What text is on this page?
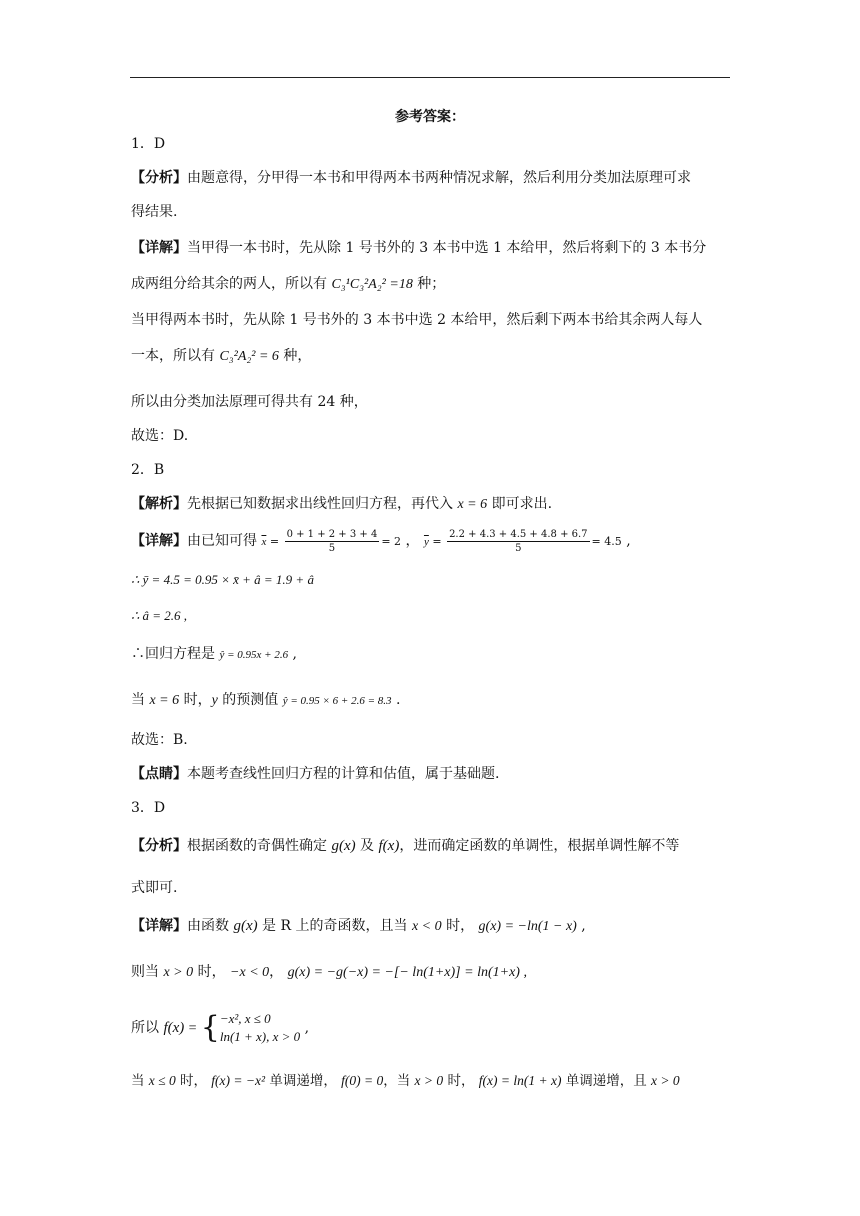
参考答案：
1．D
【分析】由题意得，分甲得一本书和甲得两本书两种情况求解，然后利用分类加法原理可求
得结果.
【详解】当甲得一本书时，先从除 1 号书外的 3 本书中选 1 本给甲，然后将剩下的 3 本书分
成两组分给其余的两人，所以有 C₃¹C₃²A₂² =18 种；
当甲得两本书时，先从除 1 号书外的 3 本书中选 2 本给甲，然后剩下两本书给其余两人每人
一本，所以有 C₃²A₂² = 6 种，
所以由分类加法原理可得共有 24 种，
故选：D.
2．B
【解析】先根据已知数据求出线性回归方程，再代入 x = 6 即可求出.
【详解】由已知可得 $\overline{x} = \frac{0 + 1 + 2 + 3 + 4}{5} = 2$ ， $\overline{y} = \frac{2.2 + 4.3 + 4.5 + 4.8 + 6.7}{5} = 4.5$ ,
∴ ȳ = 4.5 = 0.95 × x̄ + â = 1.9 + â
∴ â = 2.6 ,
∴回归方程是 ŷ = 0.95x + 2.6 ,
当 x = 6 时，y 的预测值 ŷ = 0.95 × 6 + 2.6 = 8.3 .
故选：B.
【点睛】本题考查线性回归方程的计算和估值，属于基础题.
3．D
【分析】根据函数的奇偶性确定 g(x) 及 f(x)，进而确定函数的单调性，根据单调性解不等
式即可.
【详解】由函数 g(x) 是 R 上的奇函数，且当 x < 0 时， g(x) = −ln(1 − x) ,
则当 x > 0 时， −x < 0， g(x) = −g(−x) = −[− ln(1+x)] = ln(1+x) ,
所以 f(x) = { −x², x ≤ 0
ln(1 + x), x > 0
,
当 x ≤ 0 时， f(x) = −x² 单调递增， f(0) = 0，当 x > 0 时， f(x) = ln(1 + x) 单调递增，且 x > 0
